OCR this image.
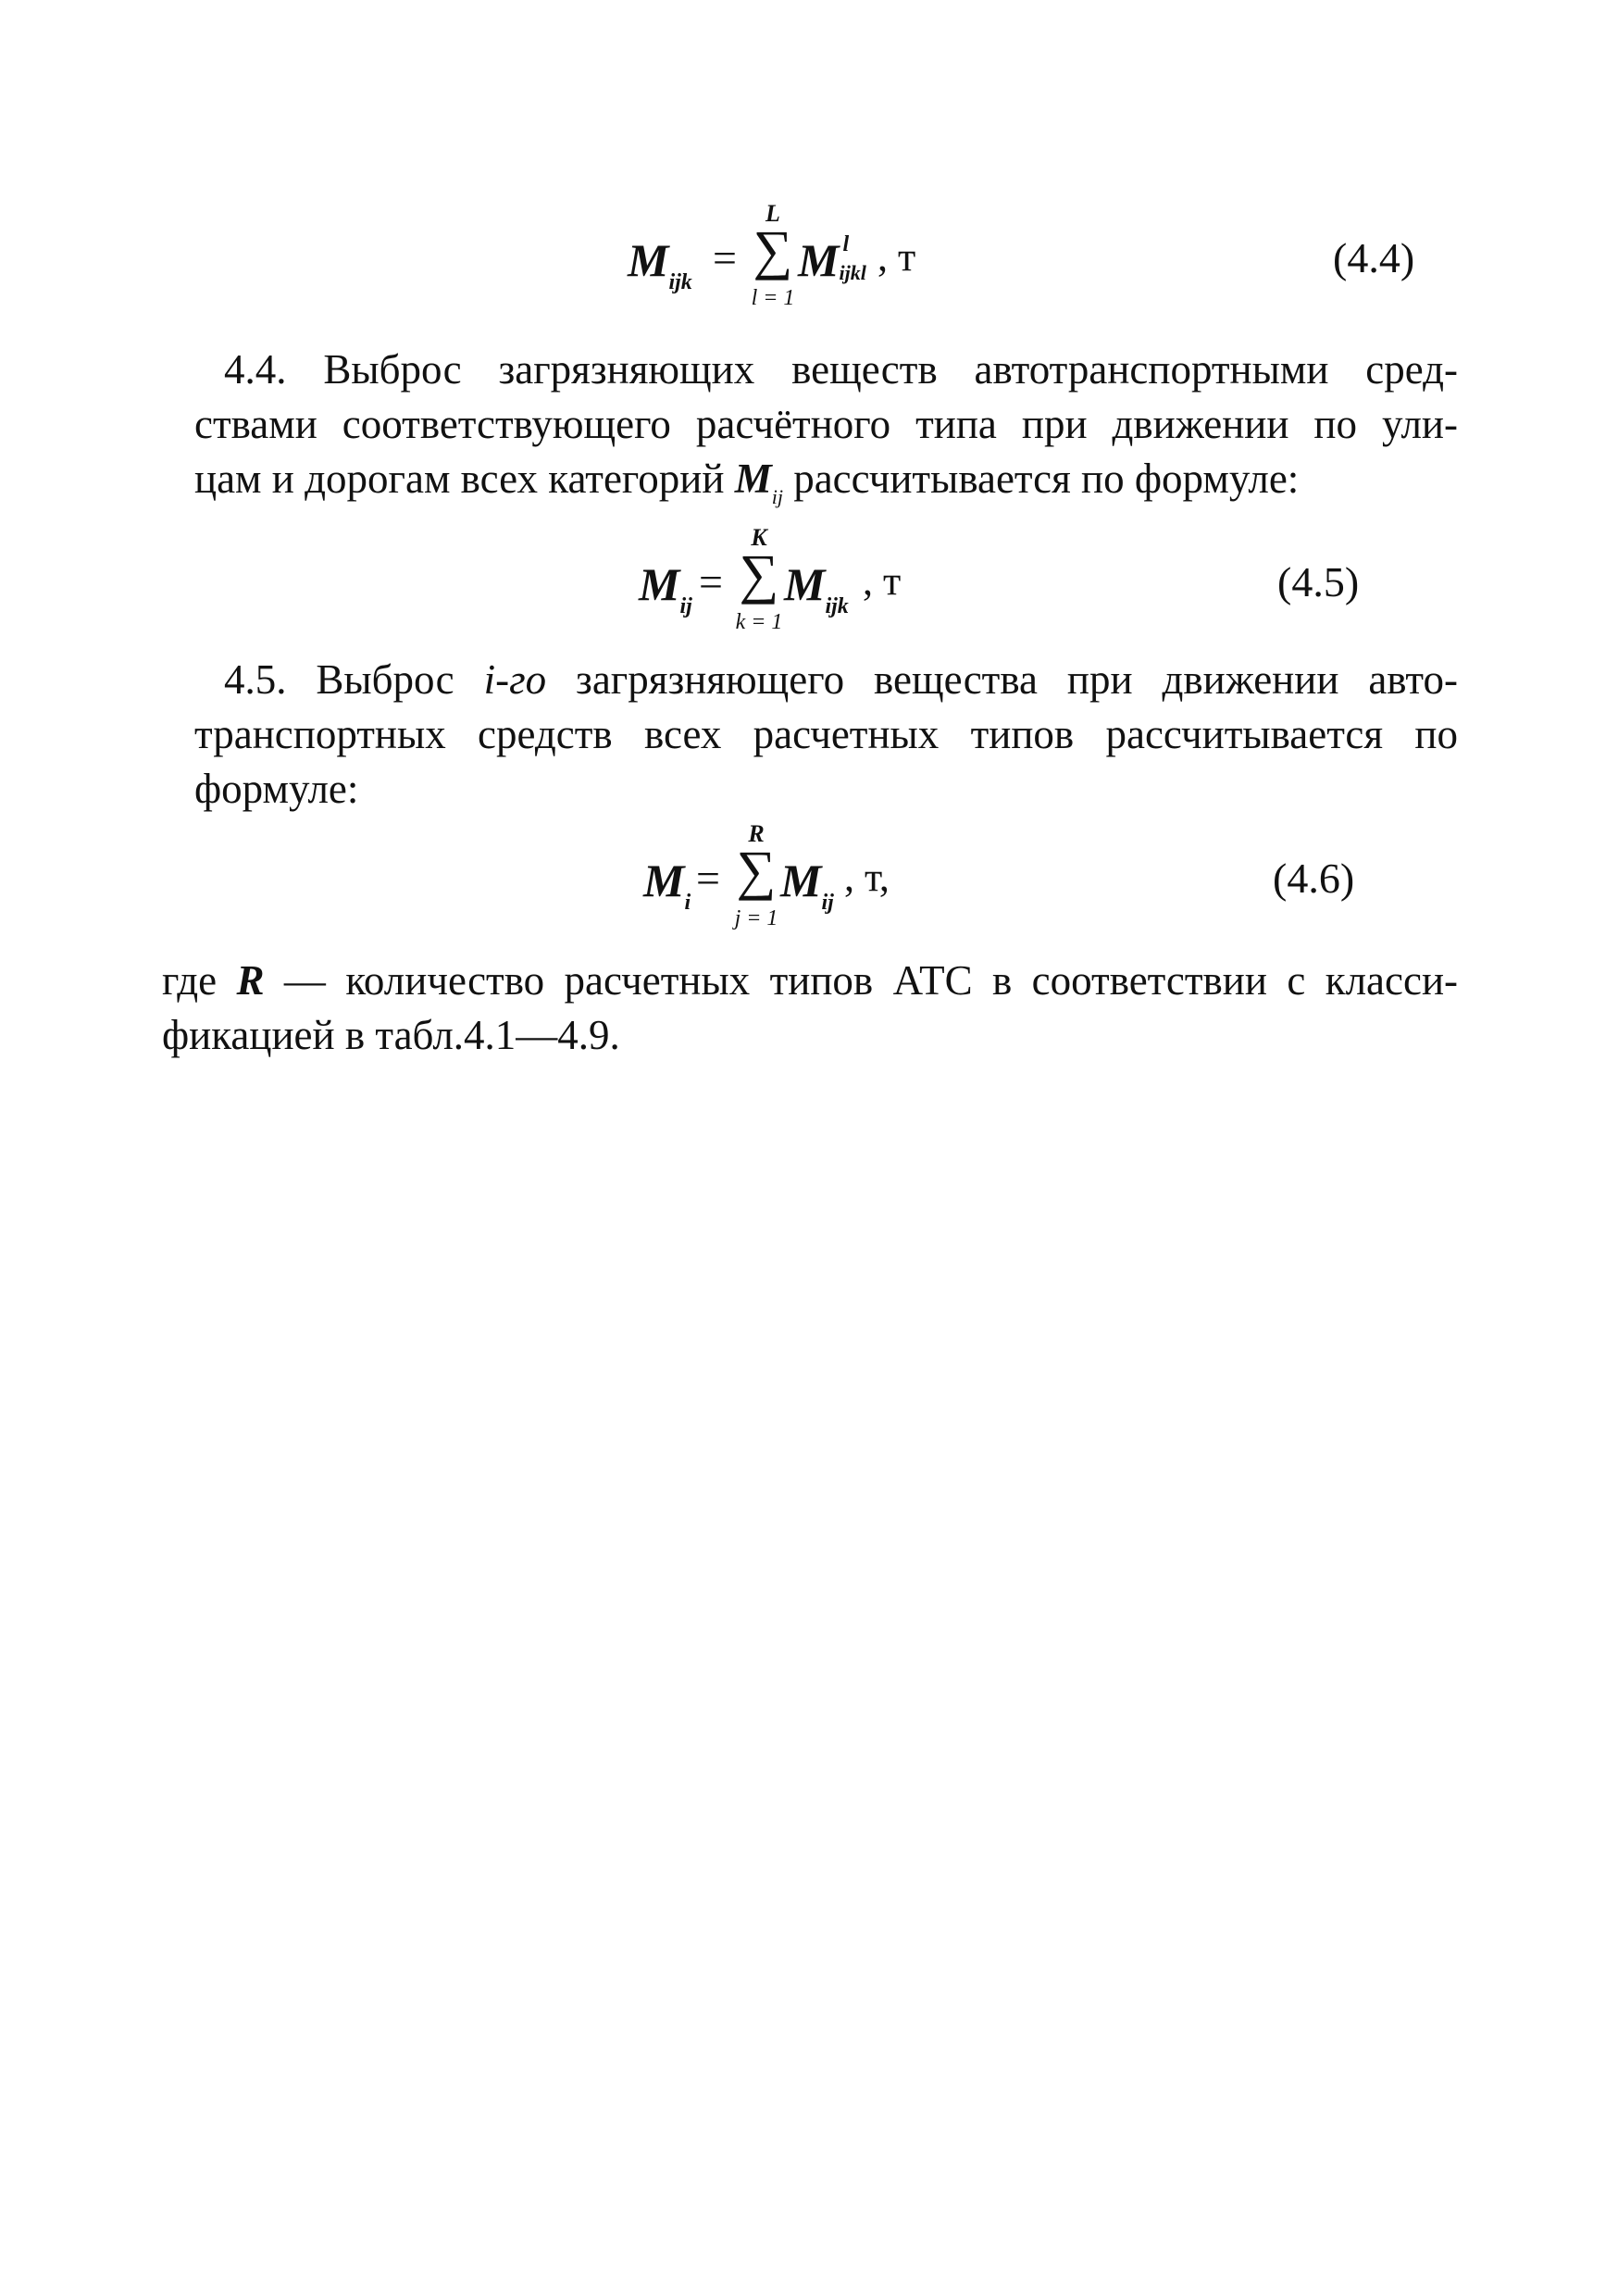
Mijk
=
L
∑
l = 1
M l
ijkl , т	(4.4)
4.4. Выброс загрязняющих веществ автотранспортными сред-
ствами соответствующего расчётного типа при движении по ули-
цам и дорогам всех категорий $M_{ij}$ рассчитывается по формуле:
Mij
=
K
∑
k = 1
Mijk
, т	(4.5)
4.5. Выброс i-го загрязняющего вещества при движении авто-
транспортных средств всех расчетных типов рассчитывается по
формуле:
Mi
=
R
∑
j = 1
Mij
, т,	(4.6)
где R — количество расчетных типов АТС в соответствии с класси-
фикацией в табл.4.1—4.9.
